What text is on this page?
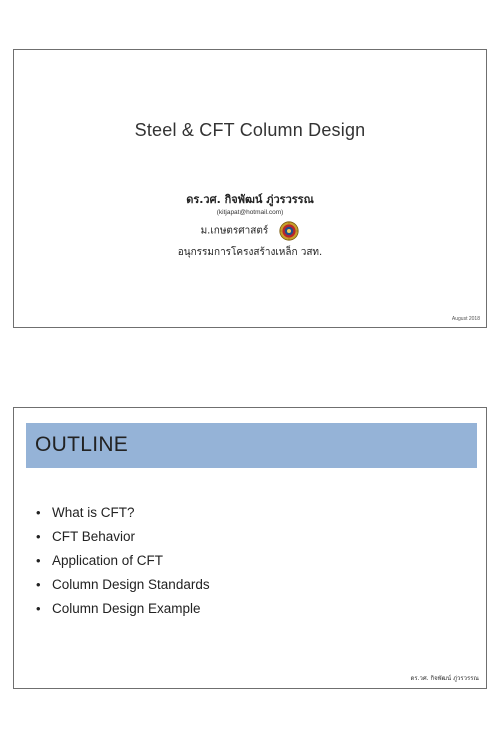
Steel & CFT Column Design
ดร.วศ. กิจพัฒน์ ภู่วรวรรณ
(kitjapat@hotmail.com)
ม.เกษตรศาสตร์
อนุกรรมการโครงสร้างเหล็ก วสท.
August 2018
OUTLINE
• What is CFT?
• CFT Behavior
• Application of CFT
• Column Design Standards
• Column Design Example
ดร.วศ. กิจพัฒน์ ภู่วรวรรณ
